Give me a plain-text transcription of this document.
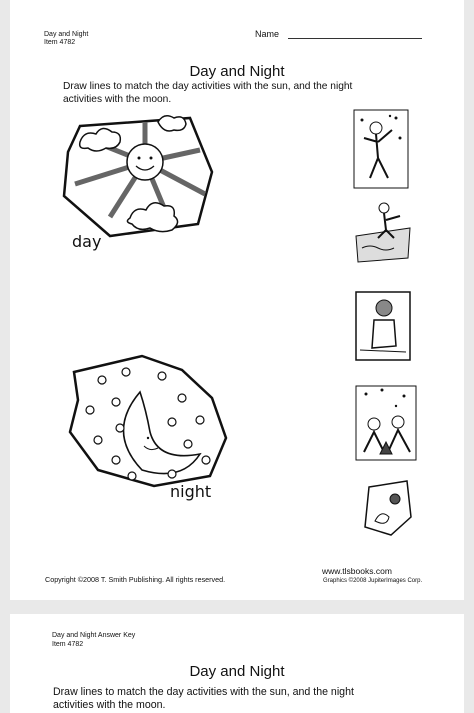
Day and Night
Item 4782
Name
Day and Night
Draw lines to match the day activities with the sun, and the night
activities with the moon.
day
night
www.tlsbooks.com
Copyright ©2008 T. Smith Publishing. All rights reserved.	Graphics ©2008 JupiterImages Corp.
Day and Night Answer Key
Item 4782
Day and Night
Draw lines to match the day activities with the sun, and the night
activities with the moon.
